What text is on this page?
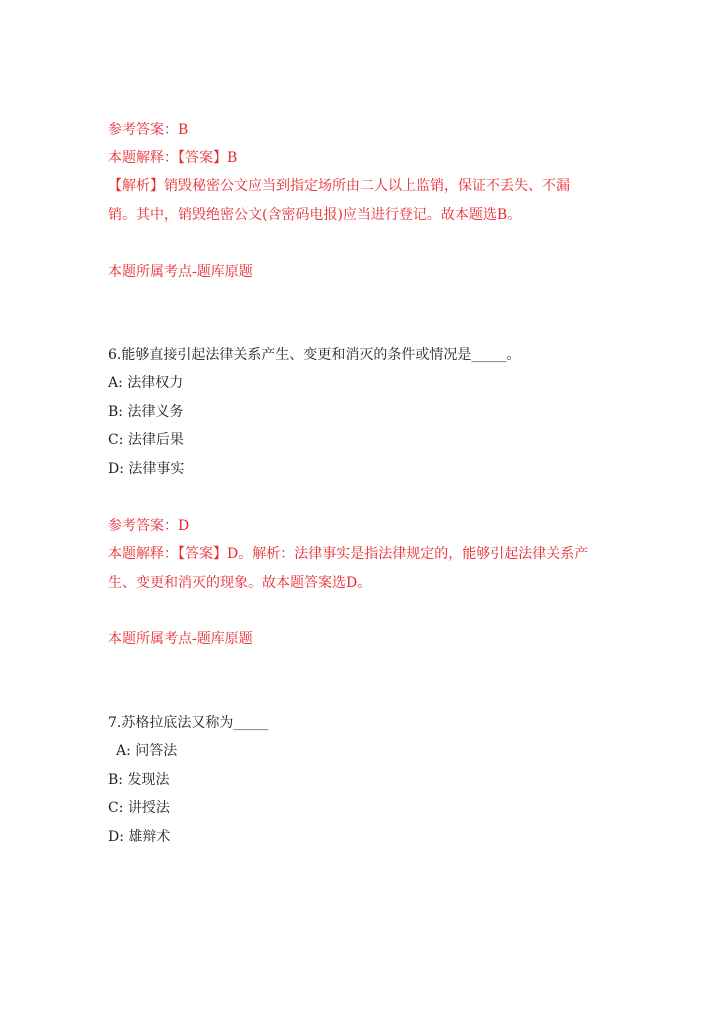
参考答案：B
本题解释：【答案】B
【解析】销毁秘密公文应当到指定场所由二人以上监销，保证不丢失、不漏
销。其中，销毁绝密公文(含密码电报)应当进行登记。故本题选B。
本题所属考点-题库原题
6.能够直接引起法律关系产生、变更和消灭的条件或情况是_____。
A: 法律权力
B: 法律义务
C: 法律后果
D: 法律事实
参考答案：D
本题解释：【答案】D。解析：法律事实是指法律规定的，能够引起法律关系产
生、变更和消灭的现象。故本题答案选D。
本题所属考点-题库原题
7.苏格拉底法又称为_____
A: 问答法
B: 发现法
C: 讲授法
D: 雄辩术
